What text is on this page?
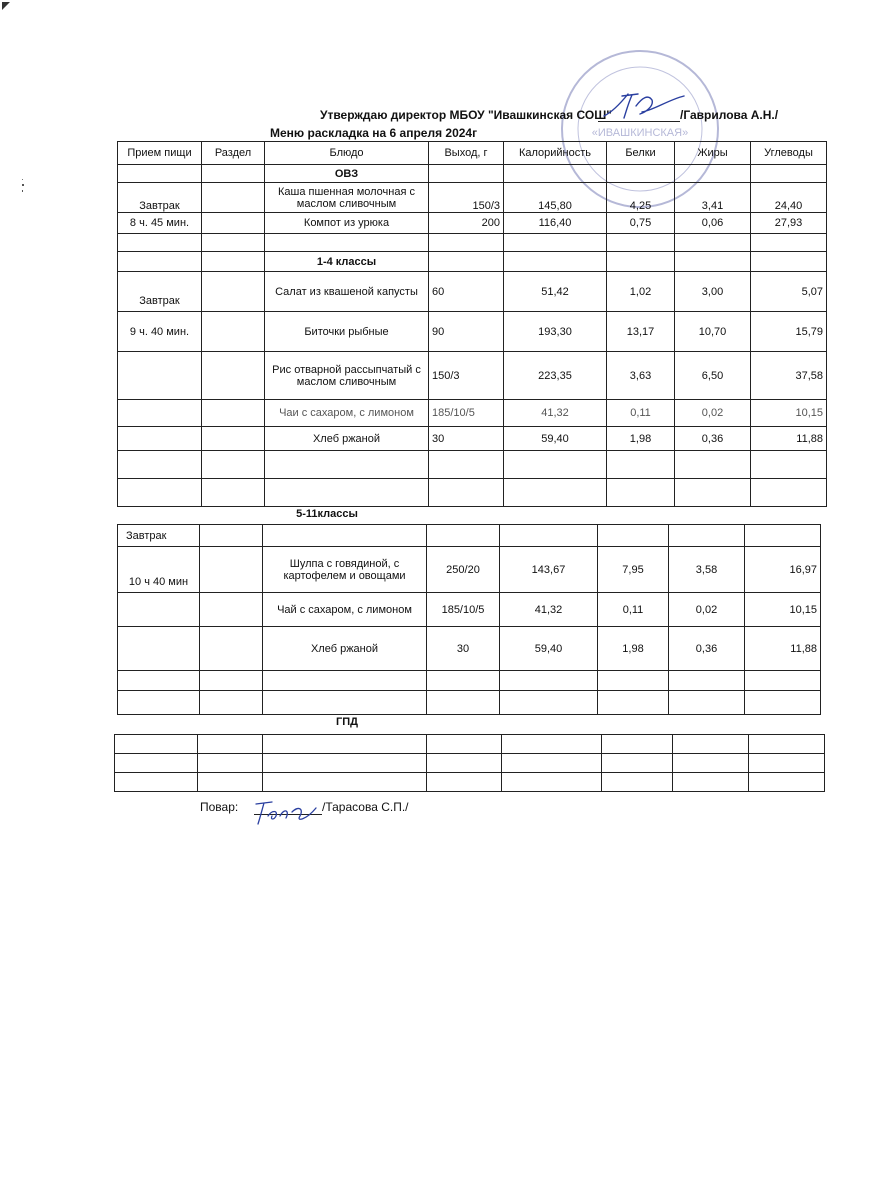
«ИВАШКИНСКАЯ»
Утверждаю директор МБОУ "Ивашкинская СОШ"	/Гаврилова А.Н./
Меню раскладка на 6 апреля 2024г
Прием пищи	Раздел	Блюдо	Выход, г	Калорийность	Белки	Жиры	Углеводы
		ОВЗ					
Завтрак		Каша пшенная молочная с маслом сливочным	150/3	145,80	4,25	3,41	24,40
8 ч. 45 мин.		Компот из урюка	200	116,40	0,75	0,06	27,93

		1-4 классы					
Завтрак		Салат из квашеной капусты	60	51,42	1,02	3,00	5,07
9 ч. 40 мин.		Биточки рыбные	90	193,30	13,17	10,70	15,79
		Рис отварной рассыпчатый с маслом сливочным	150/3	223,35	3,63	6,50	37,58
		Чаи с сахаром, с лимоном	185/10/5	41,32	0,11	0,02	10,15
		Хлеб ржаной	30	59,40	1,98	0,36	11,88

5-11классы
Завтрак							
10 ч 40 мин		Шулпа с говядиной, с картофелем и овощами	250/20	143,67	7,95	3,58	16,97
		Чай с сахаром, с лимоном	185/10/5	41,32	0,11	0,02	10,15
		Хлеб ржаной	30	59,40	1,98	0,36	11,88

ГПД

Повар:	/Тарасова С.П./
